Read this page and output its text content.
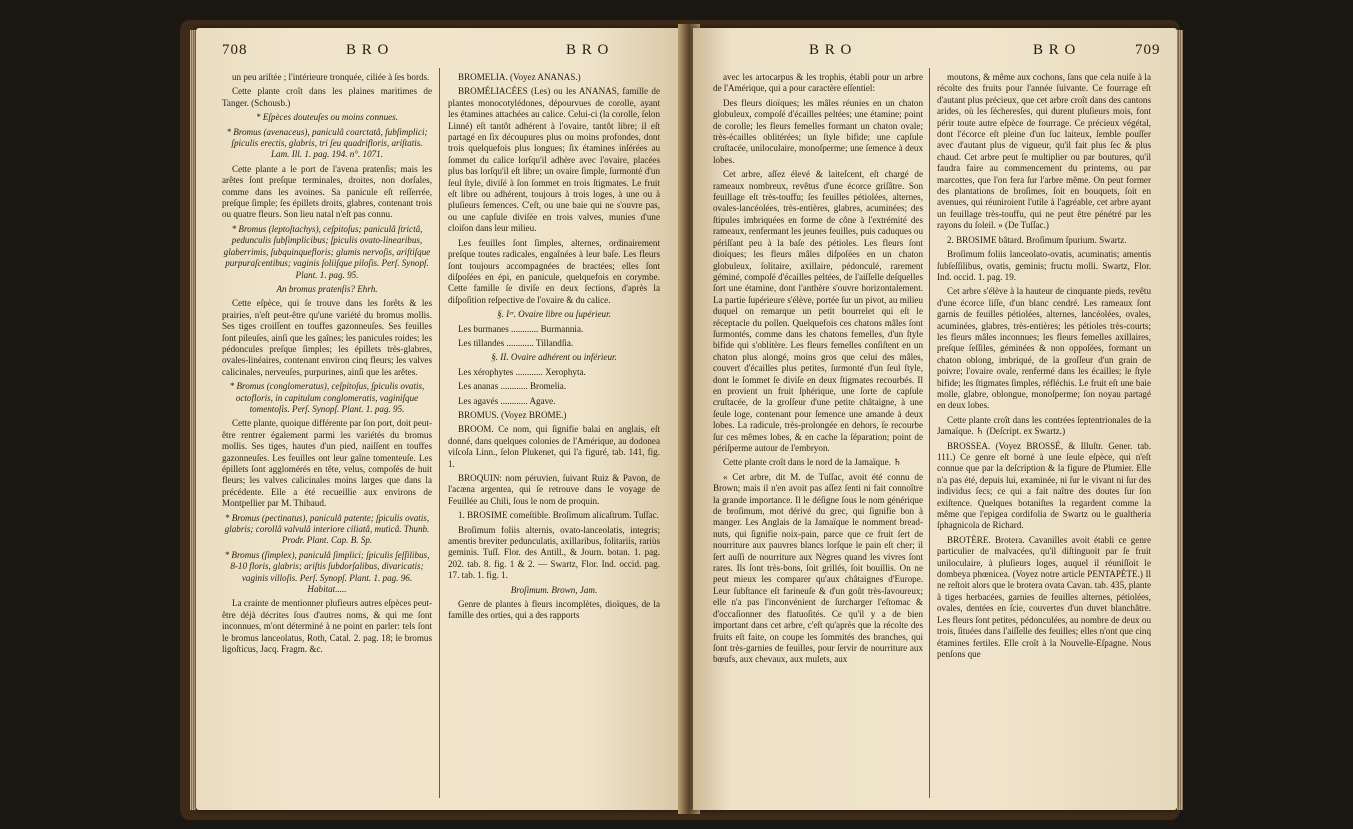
708	B R O	B R O

un peu ariſtée ; l'intérieure tronquée, ciliée à ſes bords.

Cette plante croît dans les plaines maritimes de Tanger. (Schousb.)

* Eſpèces douteuſes ou moins connues.

* Bromus (avenaceus), paniculâ coarctatâ, ſubſimplici; ſpiculis erectis, glabris, tri ſeu quadrifloris, ariſtatis. Lam. Ill. 1. pag. 194. n°. 1071.

Cette plante a le port de l'avena pratenſis; mais les arêtes ſont preſque terminales, droites, non dorſales, comme dans les avoines. Sa panicule eſt reſſerrée, preſque ſimple; ſes épillets droits, glabres, contenant trois ou quatre fleurs. Son lieu natal n'eſt pas connu.

* Bromus (leptoſtachys), ceſpitoſus; paniculâ ſtrictâ, pedunculis ſubſimplicibus; ſpiculis ovato-linearibus, glaberrimis, ſubquinquefloris; glumis nervoſis, ariſtiſque purpuraſcentibus; vaginis ſoliiſque piloſis. Perſ. Synopſ. Plant. 1. pag. 95.

An bromus pratenſis? Ehrh.

Cette eſpèce, qui ſe trouve dans les forêts & les prairies, n'eſt peut-être qu'une variété du bromus mollis. Ses tiges croiſſent en touffes gazonneuſes. Ses feuilles ſont pileuſes, ainſi que les gaînes; les panicules roides; les pédoncules preſque ſimples; les épillets très-glabres, ovales-linéaires, contenant environ cinq fleurs; les valves calicinales, nerveuſes, purpurines, ainſi que les arêtes.

* Bromus (conglomeratus), ceſpitoſus, ſpiculis ovatis, octofloris, in capitulum conglomeratis, vaginiſque tomentoſis. Perſ. Synopſ. Plant. 1. pag. 95.

Cette plante, quoique différente par ſon port, doit peut-être rentrer également parmi les variétés du bromus mollis. Ses tiges, hautes d'un pied, naiſſent en touffes gazonneuſes. Les feuilles ont leur gaîne tomenteuſe. Les épillets ſont agglomérés en tête, velus, compoſés de huit fleurs; les valves calicinales moins larges que dans la précédente. Elle a été recueillie aux environs de Montpellier par M. Thibaud.

* Bromus (pectinatus), paniculâ patente; ſpiculis ovatis, glabris; corollâ valvulâ interiore ciliatâ, muticâ. Thunb. Prodr. Plant. Cap. B. Sp.

* Bromus (ſimplex), paniculâ ſimplici; ſpiculis ſeſſilibus, 8-10 floris, glabris; ariſtis ſubdorſalibus, divaricatis; vaginis villoſis. Perſ. Synopſ. Plant. 1. pag. 96. Habitat.....

La crainte de mentionner plufieurs autres eſpèces peut-être déjà décrites ſous d'autres noms, & qui me ſont inconnues, m'ont déterminé à ne point en parler: tels ſont le bromus lanceolatus, Roth, Catal. 2. pag. 18; le bromus ligoſticus, Jacq. Fragm. &c.

BROMELIA. (Voyez ANANAS.)

BROMÉLIACÉES (Les) ou les ANANAS, famille de plantes monocotylédones, dépourvues de corolle, ayant les étamines attachées au calice. Celui-ci (la corolle, ſelon Linné) eſt tantôt adhérent à l'ovaire, tantôt libre; il eſt partagé en ſix découpures plus ou moins profondes, dont trois quelquefois plus longues; ſix étamines inſérées au ſommet du calice lorſqu'il adhère avec l'ovaire, placées plus bas lorſqu'il eſt libre; un ovaire ſimple, ſurmonté d'un ſeul ſtyle, diviſé à ſon ſommet en trois ſtigmates. Le fruit eſt libre ou adhérent, toujours à trois loges, à une ou à pluſieurs ſemences. C'eſt, ou une baie qui ne s'ouvre pas, ou une capſule diviſée en trois valves, munies d'une cloiſon dans leur milieu.

Les feuilles ſont ſimples, alternes, ordinairement preſque toutes radicales, engaînées à leur baſe. Les fleurs ſont toujours accompagnées de bractées; elles ſont diſpoſées en épi, en panicule, quelquefois en corymbe. Cette famille ſe diviſe en deux ſections, d'après la diſpoſition reſpective de l'ovaire & du calice.

§. Iᵉʳ. Ovaire libre ou ſupérieur.

Les burmanes ............ Burmannia.

Les tillandes ............ Tillandſia.

§. II. Ovaire adhérent ou inférieur.

Les xérophytes ............ Xerophyta.

Les ananas ............ Bromelia.

Les agavés ............ Agave.

BROMUS. (Voyez BROME.)

BROOM. Ce nom, qui ſignifie balai en anglais, eſt donné, dans quelques colonies de l'Amérique, au dodonea viſcoſa Linn., ſelon Plukenet, qui l'a figuré, tab. 141, fig. 1.

BROQUIN: nom péruvien, ſuivant Ruiz & Pavon, de l'acæna argentea, qui ſe retrouve dans le voyage de Feuillée au Chili, ſous le nom de proquin.

1. BROSIME comeſtible. Broſimum alicaſtrum. Tuſſac.

Broſimum foliis alternis, ovato-lanceolatis, integris; amentis breviter pedunculatis, axillaribus, ſolitariis, rariùs geminis. Tuſſ. Flor. des Antill., & Journ. botan. 1. pag. 202. tab. 8. fig. 1 & 2. — Swartz, Flor. Ind. occid. pag. 17. tab. 1. fig. 1.

Broſimum. Brown, Jam.

Genre de plantes à fleurs incomplètes, dioïques, de la famille des orties, qui a des rapports

B R O	B R O	709

avec les artocarpus & les trophis, établi pour un arbre de l'Amérique, qui a pour caractère eſſentiel:

Des fleurs dioïques; les mâles réunies en un chaton globuleux, compoſé d'écailles peltées; une étamine; point de corolle; les fleurs femelles formant un chaton ovale; très-écailles oblitérées; un ſtyle bifide; une capſule cruſtacée, uniloculaire, monoſperme; une ſemence à deux lobes.

Cet arbre, aſſez élevé & laiteſcent, eſt chargé de rameaux nombreux, revêtus d'une écorce griſâtre. Son feuillage eſt très-touffu; ſes feuilles pétiolées, alternes, ovales-lancéolées, très-entières, glabres, acuminées; des ſtipules imbriquées en forme de cône à l'extrémité des rameaux, renfermant les jeunes feuilles, puis caduques ou périſſant peu à la baſe des pétioles. Les fleurs ſont dioïques; les fleurs mâles diſpoſées en un chaton globuleux, ſolitaire, axillaire, pédonculé, rarement géminé, compoſé d'écailles peltées, de l'aiſſelle deſquelles ſort une étamine, dont l'anthère s'ouvre horizontalement. La partie ſupérieure s'élève, portée ſur un pivot, au milieu duquel on remarque un petit bourrelet qui eſt le réceptacle du pollen. Quelquefois ces chatons mâles ſont ſurmontés, comme dans les chatons femelles, d'un ſtyle bifide qui s'oblitère. Les fleurs femelles conſiſtent en un chaton plus alongé, moins gros que celui des mâles, couvert d'écailles plus petites, ſurmonté d'un ſeul ſtyle, dont le ſommet ſe diviſe en deux ſtigmates recourbés. Il en provient un fruit ſphérique, une ſorte de capſule cruſtacée, de la groſſeur d'une petite châtaigne, à une ſeule loge, contenant pour ſemence une amande à deux lobes. La radicule, très-prolongée en dehors, ſe recourbe ſur ces mêmes lobes, & en cache la ſéparation; point de périſperme autour de l'embryon.

Cette plante croît dans le nord de la Jamaïque. ♄

« Cet arbre, dit M. de Tuſſac, avoit été connu de Brown; mais il n'en avoit pas aſſez ſenti ni fait connoître la grande importance. Il le déſigne ſous le nom générique de broſimum, mot dérivé du grec, qui ſignifie bon à manger. Les Anglais de la Jamaïque le nomment bread-nuts, qui ſignifie noix-pain, parce que ce fruit ſert de nourriture aux pauvres blancs lorſque le pain eſt cher; il ſert auſſi de nourriture aux Nègres quand les vivres ſont rares. Ils ſont très-bons, ſoit grillés, ſoit bouillis. On ne peut mieux les comparer qu'aux châtaignes d'Europe. Leur ſubſtance eſt farineuſe & d'un goût très-ſavoureux; elle n'a pas l'inconvénient de ſurcharger l'eſtomac & d'occaſionner des flatuoſités. Ce qu'il y a de bien important dans cet arbre, c'eſt qu'après que la récolte des fruits eſt faite, on coupe les ſommités des branches, qui ſont très-garnies de feuilles, pour ſervir de nourriture aux bœufs, aux chevaux, aux mulets, aux

moutons, & même aux cochons, ſans que cela nuiſe à la récolte des fruits pour l'année ſuivante. Ce fourrage eſt d'autant plus précieux, que cet arbre croît dans des cantons arides, où les ſécheresſes, qui durent pluſieurs mois, font périr toute autre eſpèce de fourrage. Ce précieux végétal, dont l'écorce eſt pleine d'un ſuc laiteux, ſemble pouſſer avec d'autant plus de vigueur, qu'il fait plus ſec & plus chaud. Cet arbre peut ſe multiplier ou par boutures, qu'il faudra faire au commencement du printems, ou par marcottes, que l'on fera ſur l'arbre même. On peut former des plantations de broſimes, ſoit en bouquets, ſoit en avenues, qui réuniroient l'utile à l'agréable, cet arbre ayant un feuillage très-touffu, qui ne peut être pénétré par les rayons du ſoleil. » (De Tuſſac.)

2. BROSIME bâtard. Broſimum ſpurium. Swartz.

Broſimum foliis lanceolato-ovatis, acuminatis; amentis ſubſeſſilibus, ovatis, geminis; fructu molli. Swartz, Flor. Ind. occid. 1. pag. 19.

Cet arbre s'élève à la hauteur de cinquante pieds, revêtu d'une écorce liſſe, d'un blanc cendré. Les rameaux ſont garnis de feuilles pétiolées, alternes, lancéolées, ovales, acuminées, glabres, très-entières; les pétioles très-courts; les fleurs mâles inconnues; les fleurs femelles axillaires, preſque ſeſſiles, géminées & non oppoſées, formant un chaton oblong, imbriqué, de la groſſeur d'un grain de poivre; l'ovaire ovale, renfermé dans les écailles; le ſtyle bifide; les ſtigmates ſimples, réfléchis. Le fruit eſt une baie molle, glabre, oblongue, monoſperme; ſon noyau partagé en deux lobes.

Cette plante croît dans les contrées ſeptentrionales de la Jamaïque. ♄ (Deſcript. ex Swartz.)

BROSSEA. (Voyez BROSSÉ, & Illuſtr. Gener. tab. 111.) Ce genre eſt borné à une ſeule eſpèce, qui n'eſt connue que par la deſcription & la figure de Plumier. Elle n'a pas été, depuis lui, examinée, ni ſur le vivant ni ſur des individus ſecs; ce qui a fait naître des doutes ſur ſon exiſtence. Quelques botaniſtes la regardent comme la même que l'epigea cordifolia de Swartz ou le gualtheria ſphagnicola de Richard.

BROTÈRE. Brotera. Cavanilles avoit établi ce genre particulier de malvacées, qu'il diſtinguoit par ſe fruit uniloculaire, à pluſieurs loges, auquel il réuniſſoit le dombeya phœnicea. (Voyez notre article PENTAPÈTE.) Il ne reſtoit alors que le brotera ovata Cavan. tab. 435, plante à tiges herbacées, garnies de feuilles alternes, pétiolées, ovales, dentées en ſcie, couvertes d'un duvet blanchâtre. Les fleurs ſont petites, pédonculées, au nombre de deux ou trois, ſituées dans l'aiſſelle des feuilles; elles n'ont que cinq étamines fertiles. Elle croît à la Nouvelle-Eſpagne. Nous penſons que
